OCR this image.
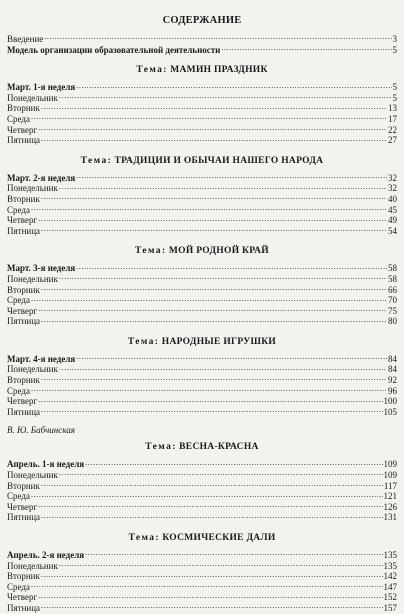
СОДЕРЖАНИЕ
Введение .....	3
Модель организации образовательной деятельности .....	5
Тема: МАМИН ПРАЗДНИК
Март. 1-я неделя .....	5
Понедельник .....	5
Вторник .....	13
Среда .....	17
Четверг .....	22
Пятница .....	27
Тема: ТРАДИЦИИ И ОБЫЧАИ НАШЕГО НАРОДА
Март. 2-я неделя .....	32
Понедельник .....	32
Вторник .....	40
Среда .....	45
Четверг .....	49
Пятница .....	54
Тема: МОЙ РОДНОЙ КРАЙ
Март. 3-я неделя .....	58
Понедельник .....	58
Вторник .....	66
Среда .....	70
Четверг .....	75
Пятница .....	80
Тема: НАРОДНЫЕ ИГРУШКИ
Март. 4-я неделя .....	84
Понедельник .....	84
Вторник .....	92
Среда .....	96
Четверг .....	100
Пятница .....	105
В. Ю. Бабчинская
Тема: ВЕСНА-КРАСНА
Апрель. 1-я неделя .....	109
Понедельник .....	109
Вторник .....	117
Среда .....	121
Четверг .....	126
Пятница .....	131
Тема: КОСМИЧЕСКИЕ ДАЛИ
Апрель. 2-я неделя .....	135
Понедельник .....	135
Вторник .....	142
Среда .....	147
Четверг .....	152
Пятница .....	157
